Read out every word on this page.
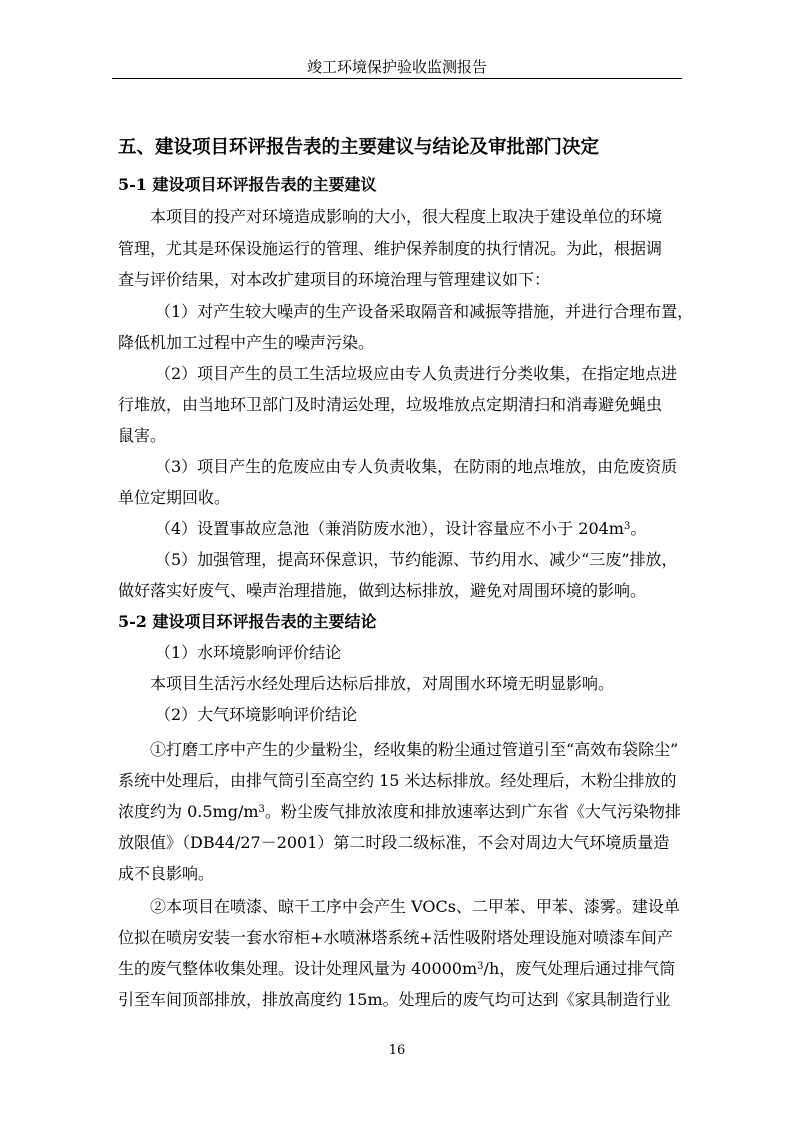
竣工环境保护验收监测报告
五、建设项目环评报告表的主要建议与结论及审批部门决定
5-1 建设项目环评报告表的主要建议
本项目的投产对环境造成影响的大小，很大程度上取决于建设单位的环境
管理，尤其是环保设施运行的管理、维护保养制度的执行情况。为此，根据调
查与评价结果，对本改扩建项目的环境治理与管理建议如下：
（1）对产生较大噪声的生产设备采取隔音和减振等措施，并进行合理布置，
降低机加工过程中产生的噪声污染。
（2）项目产生的员工生活垃圾应由专人负责进行分类收集，在指定地点进
行堆放，由当地环卫部门及时清运处理，垃圾堆放点定期清扫和消毒避免蝇虫
鼠害。
（3）项目产生的危废应由专人负责收集，在防雨的地点堆放，由危废资质
单位定期回收。
（4）设置事故应急池（兼消防废水池），设计容量应不小于 $204m^3$。
（5）加强管理，提高环保意识，节约能源、节约用水、减少“三废”排放，
做好落实好废气、噪声治理措施，做到达标排放，避免对周围环境的影响。
5-2 建设项目环评报告表的主要结论
（1）水环境影响评价结论
本项目生活污水经处理后达标后排放，对周围水环境无明显影响。
（2）大气环境影响评价结论
①打磨工序中产生的少量粉尘，经收集的粉尘通过管道引至“高效布袋除尘”
系统中处理后，由排气筒引至高空约 15 米达标排放。经处理后，木粉尘排放的
浓度约为 $0.5mg/m^3$。粉尘废气排放浓度和排放速率达到广东省《大气污染物排
放限值》（DB44/27－2001）第二时段二级标准，不会对周边大气环境质量造
成不良影响。
②本项目在喷漆、晾干工序中会产生 VOCs、二甲苯、甲苯、漆雾。建设单
位拟在喷房安装一套水帘柜+水喷淋塔系统+活性吸附塔处理设施对喷漆车间产
生的废气整体收集处理。设计处理风量为 $40000m^3/h$，废气处理后通过排气筒
引至车间顶部排放，排放高度约 15m。处理后的废气均可达到《家具制造行业
16
